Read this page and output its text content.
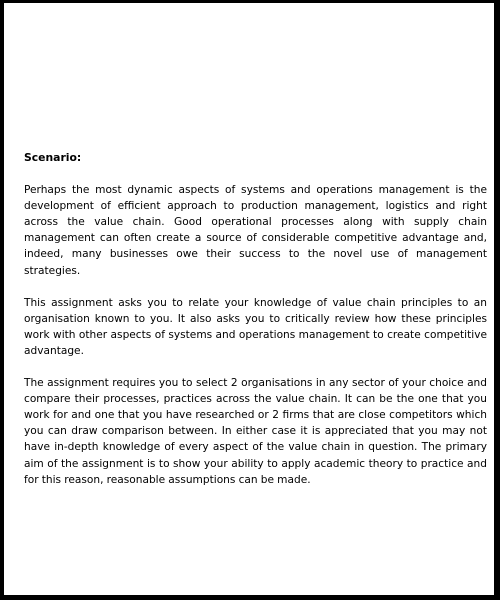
Scenario:

Perhaps the most dynamic aspects of systems and operations management is the development of efficient approach to production management, logistics and right across the value chain. Good operational processes along with supply chain management can often create a source of considerable competitive advantage and, indeed, many businesses owe their success to the novel use of management strategies.

This assignment asks you to relate your knowledge of value chain principles to an organisation known to you. It also asks you to critically review how these principles work with other aspects of systems and operations management to create competitive advantage.

The assignment requires you to select 2 organisations in any sector of your choice and compare their processes, practices across the value chain. It can be the one that you work for and one that you have researched or 2 firms that are close competitors which you can draw comparison between. In either case it is appreciated that you may not have in-depth knowledge of every aspect of the value chain in question. The primary aim of the assignment is to show your ability to apply academic theory to practice and for this reason, reasonable assumptions can be made.
